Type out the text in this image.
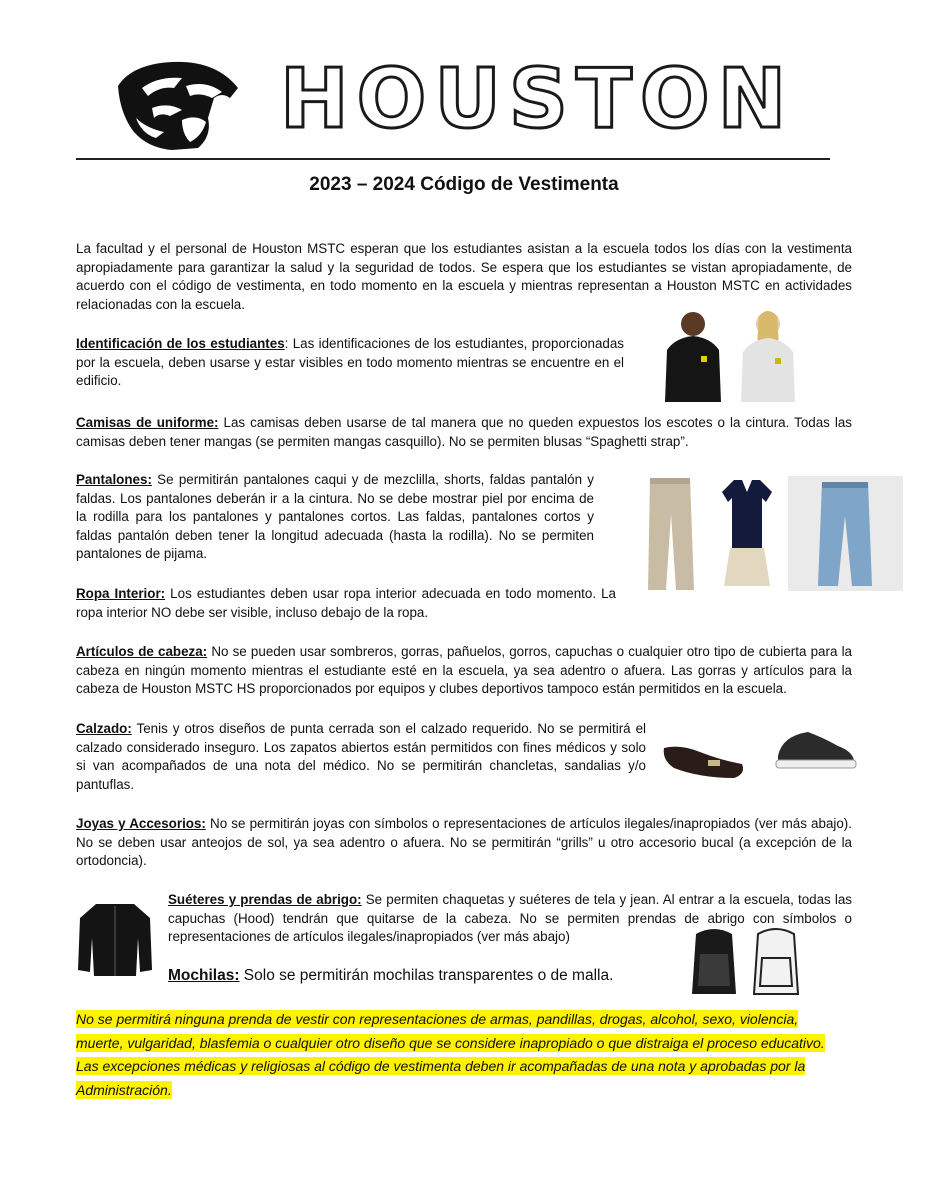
HOUSTON
2023 – 2024 Código de Vestimenta
La facultad y el personal de Houston MSTC esperan que los estudiantes asistan a la escuela todos los días con la vestimenta apropiadamente para garantizar la salud y la seguridad de todos. Se espera que los estudiantes se vistan apropiadamente, de acuerdo con el código de vestimenta, en todo momento en la escuela y mientras representan a Houston MSTC en actividades relacionadas con la escuela.
Identificación de los estudiantes: Las identificaciones de los estudiantes, proporcionadas por la escuela, deben usarse y estar visibles en todo momento mientras se encuentre en el edificio.
Camisas de uniforme: Las camisas deben usarse de tal manera que no queden expuestos los escotes o la cintura. Todas las camisas deben tener mangas (se permiten mangas casquillo). No se permiten blusas “Spaghetti strap”.
Pantalones: Se permitirán pantalones caqui y de mezclilla, shorts, faldas pantalón y faldas. Los pantalones deberán ir a la cintura. No se debe mostrar piel por encima de la rodilla para los pantalones y pantalones cortos. Las faldas, pantalones cortos y faldas pantalón deben tener la longitud adecuada (hasta la rodilla). No se permiten pantalones de pijama.
Ropa Interior: Los estudiantes deben usar ropa interior adecuada en todo momento. La ropa interior NO debe ser visible, incluso debajo de la ropa.
Artículos de cabeza: No se pueden usar sombreros, gorras, pañuelos, gorros, capuchas o cualquier otro tipo de cubierta para la cabeza en ningún momento mientras el estudiante esté en la escuela, ya sea adentro o afuera. Las gorras y artículos para la cabeza de Houston MSTC HS proporcionados por equipos y clubes deportivos tampoco están permitidos en la escuela.
Calzado: Tenis y otros diseños de punta cerrada son el calzado requerido. No se permitirá el calzado considerado inseguro. Los zapatos abiertos están permitidos con fines médicos y solo si van acompañados de una nota del médico. No se permitirán chancletas, sandalias y/o pantuflas.
Joyas y Accesorios: No se permitirán joyas con símbolos o representaciones de artículos ilegales/inapropiados (ver más abajo). No se deben usar anteojos de sol, ya sea adentro o afuera. No se permitirán “grills” u otro accesorio bucal (a excepción de la ortodoncia).
Suéteres y prendas de abrigo: Se permiten chaquetas y suéteres de tela y jean. Al entrar a la escuela, todas las capuchas (Hood) tendrán que quitarse de la cabeza. No se permiten prendas de abrigo con símbolos o representaciones de artículos ilegales/inapropiados (ver más abajo)
Mochilas: Solo se permitirán mochilas transparentes o de malla.
No se permitirá ninguna prenda de vestir con representaciones de armas, pandillas, drogas, alcohol, sexo, violencia, muerte, vulgaridad, blasfemia o cualquier otro diseño que se considere inapropiado o que distraiga el proceso educativo. Las excepciones médicas y religiosas al código de vestimenta deben ir acompañadas de una nota y aprobadas por la Administración.
